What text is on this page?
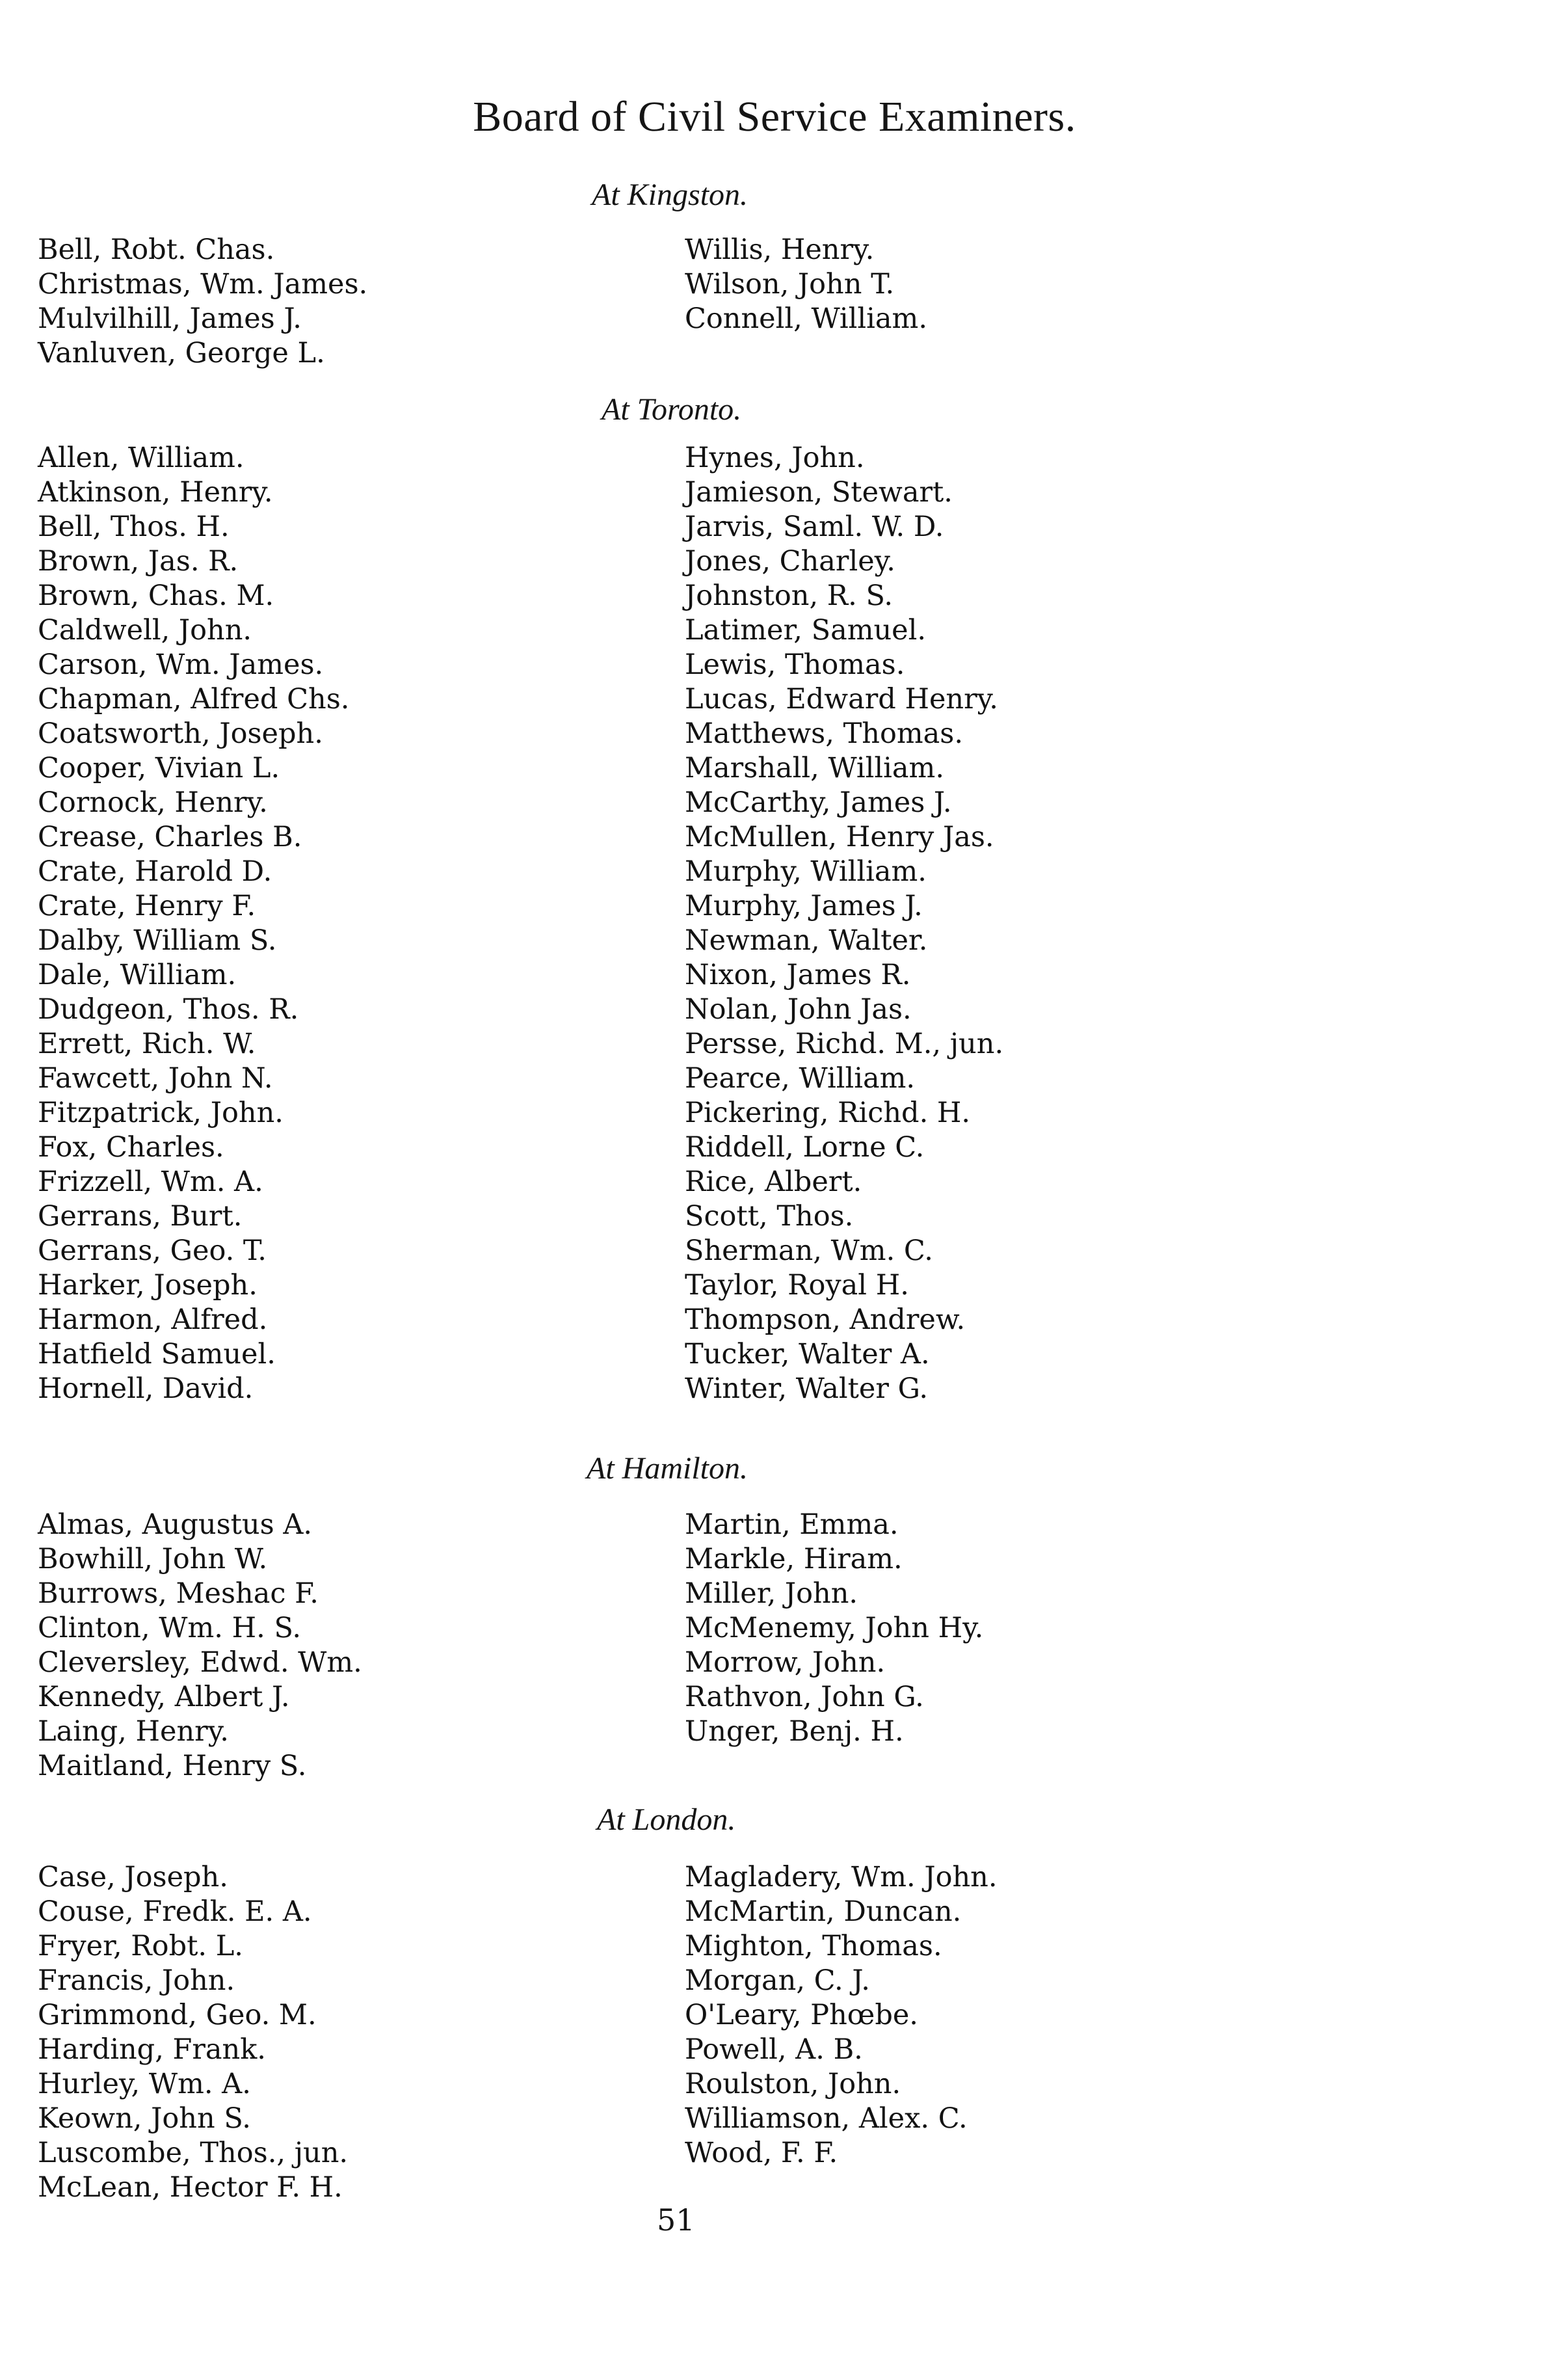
Board of Civil Service Examiners.
At Kingston.
Bell, Robt. Chas.
Christmas, Wm. James.
Mulvilhill, James J.
Vanluven, George L.
Willis, Henry.
Wilson, John T.
Connell, William.
At Toronto.
Allen, William.
Atkinson, Henry.
Bell, Thos. H.
Brown, Jas. R.
Brown, Chas. M.
Caldwell, John.
Carson, Wm. James.
Chapman, Alfred Chs.
Coatsworth, Joseph.
Cooper, Vivian L.
Cornock, Henry.
Crease, Charles B.
Crate, Harold D.
Crate, Henry F.
Dalby, William S.
Dale, William.
Dudgeon, Thos. R.
Errett, Rich. W.
Fawcett, John N.
Fitzpatrick, John.
Fox, Charles.
Frizzell, Wm. A.
Gerrans, Burt.
Gerrans, Geo. T.
Harker, Joseph.
Harmon, Alfred.
Hatfield Samuel.
Hornell, David.
Hynes, John.
Jamieson, Stewart.
Jarvis, Saml. W. D.
Jones, Charley.
Johnston, R. S.
Latimer, Samuel.
Lewis, Thomas.
Lucas, Edward Henry.
Matthews, Thomas.
Marshall, William.
McCarthy, James J.
McMullen, Henry Jas.
Murphy, William.
Murphy, James J.
Newman, Walter.
Nixon, James R.
Nolan, John Jas.
Persse, Richd. M., jun.
Pearce, William.
Pickering, Richd. H.
Riddell, Lorne C.
Rice, Albert.
Scott, Thos.
Sherman, Wm. C.
Taylor, Royal H.
Thompson, Andrew.
Tucker, Walter A.
Winter, Walter G.
At Hamilton.
Almas, Augustus A.
Bowhill, John W.
Burrows, Meshac F.
Clinton, Wm. H. S.
Cleversley, Edwd. Wm.
Kennedy, Albert J.
Laing, Henry.
Maitland, Henry S.
Martin, Emma.
Markle, Hiram.
Miller, John.
McMenemy, John Hy.
Morrow, John.
Rathvon, John G.
Unger, Benj. H.
At London.
Case, Joseph.
Couse, Fredk. E. A.
Fryer, Robt. L.
Francis, John.
Grimmond, Geo. M.
Harding, Frank.
Hurley, Wm. A.
Keown, John S.
Luscombe, Thos., jun.
McLean, Hector F. H.
Magladery, Wm. John.
McMartin, Duncan.
Mighton, Thomas.
Morgan, C. J.
O'Leary, Phœbe.
Powell, A. B.
Roulston, John.
Williamson, Alex. C.
Wood, F. F.
51
